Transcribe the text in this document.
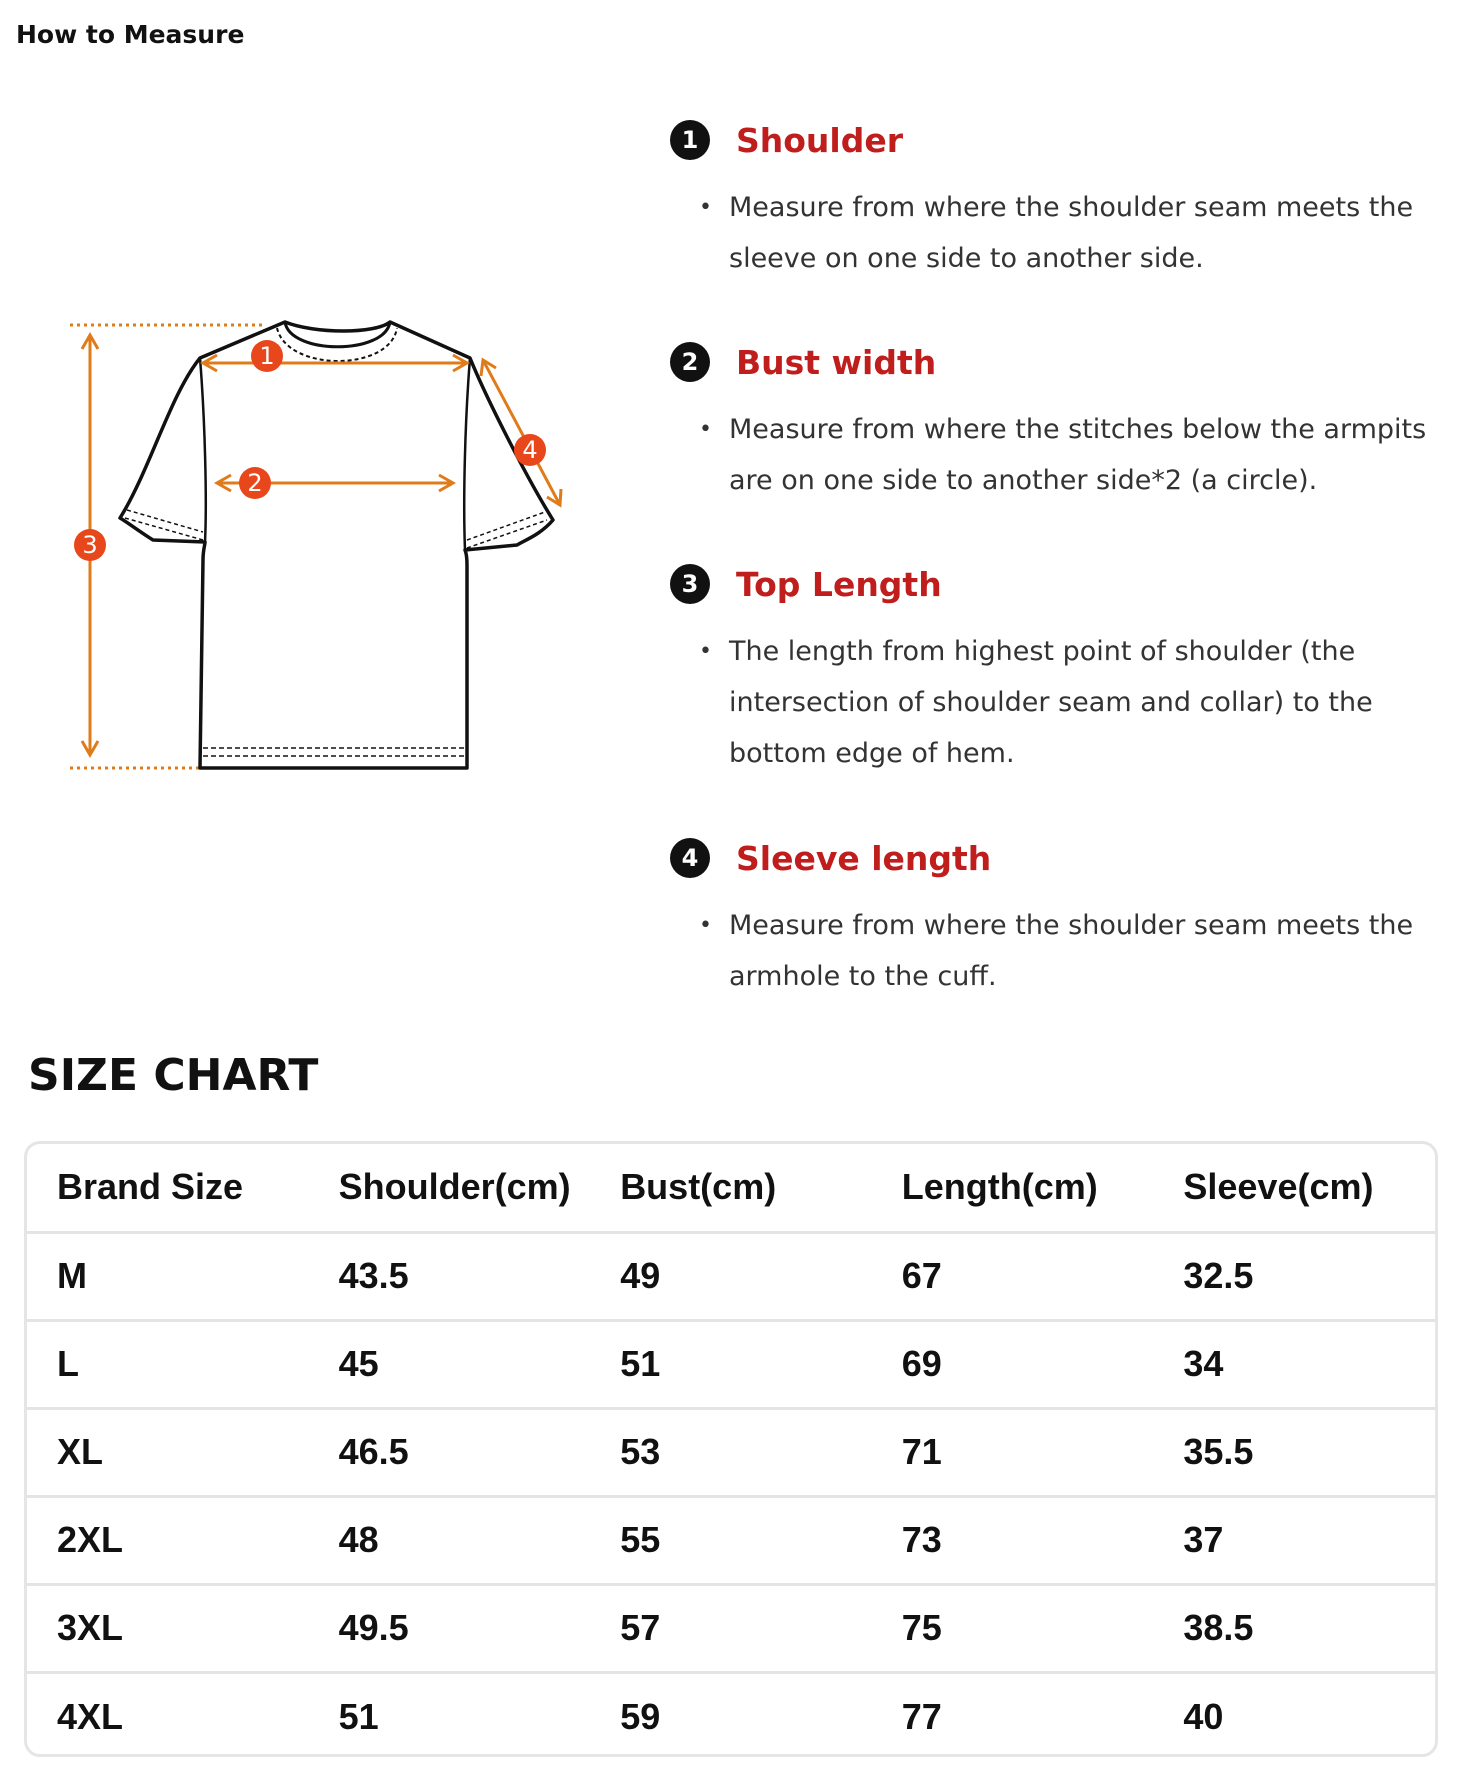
How to Measure
1
2
3
4
1	Shoulder
• Measure from where the shoulder seam meets the sleeve on one side to another side.
2	Bust width
• Measure from where the stitches below the armpits are on one side to another side*2 (a circle).
3	Top Length
• The length from highest point of shoulder (the intersection of shoulder seam and collar) to the bottom edge of hem.
4	Sleeve length
• Measure from where the shoulder seam meets the armhole to the cuff.
SIZE CHART
Brand Size	Shoulder(cm)	Bust(cm)	Length(cm)	Sleeve(cm)
M	43.5	49	67	32.5
L	45	51	69	34
XL	46.5	53	71	35.5
2XL	48	55	73	37
3XL	49.5	57	75	38.5
4XL	51	59	77	40
